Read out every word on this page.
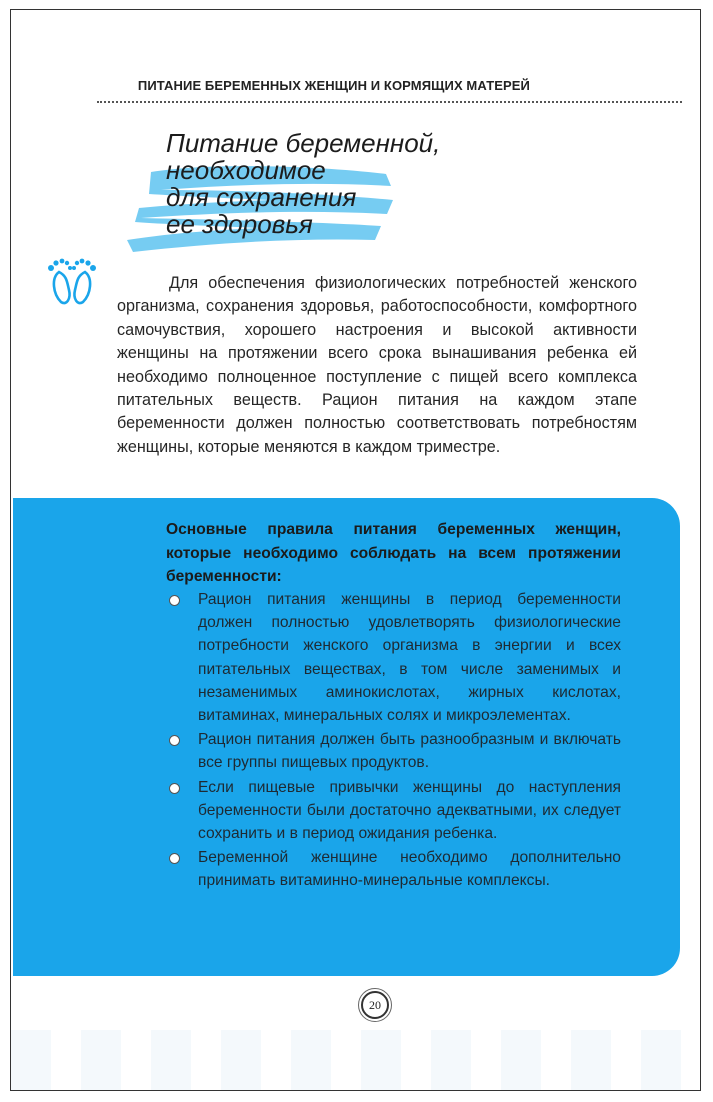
ПИТАНИЕ БЕРЕМЕННЫХ ЖЕНЩИН И КОРМЯЩИХ МАТЕРЕЙ
Питание беременной,
необходимое
для сохранения
ее здоровья

Для обеспечения физиологических потребностей женского организма, сохранения здоровья, работоспособности, комфортного самочувствия, хорошего настроения и высокой активности женщины на протяжении всего срока вынашивания ребенка ей необходимо полноценное поступление с пищей всего комплекса питательных веществ. Рацион питания на каждом этапе беременности должен полностью соответствовать потребностям женщины, которые меняются в каждом триместре.

Основные правила питания беременных женщин, которые необходимо соблюдать на всем протяжении беременности:

Рацион питания женщины в период беременности должен полностью удовлетворять физиологические потребности женского организма в энергии и всех питательных веществах, в том числе заменимых и незаменимых аминокислотах, жирных кислотах, витаминах, минеральных солях и микроэлементах.
Рацион питания должен быть разнообразным и включать все группы пищевых продуктов.
Если пищевые привычки женщины до наступления беременности были достаточно адекватными, их следует сохранить и в период ожидания ребенка.
Беременной женщине необходимо дополнительно принимать витаминно-минеральные комплексы.
20
